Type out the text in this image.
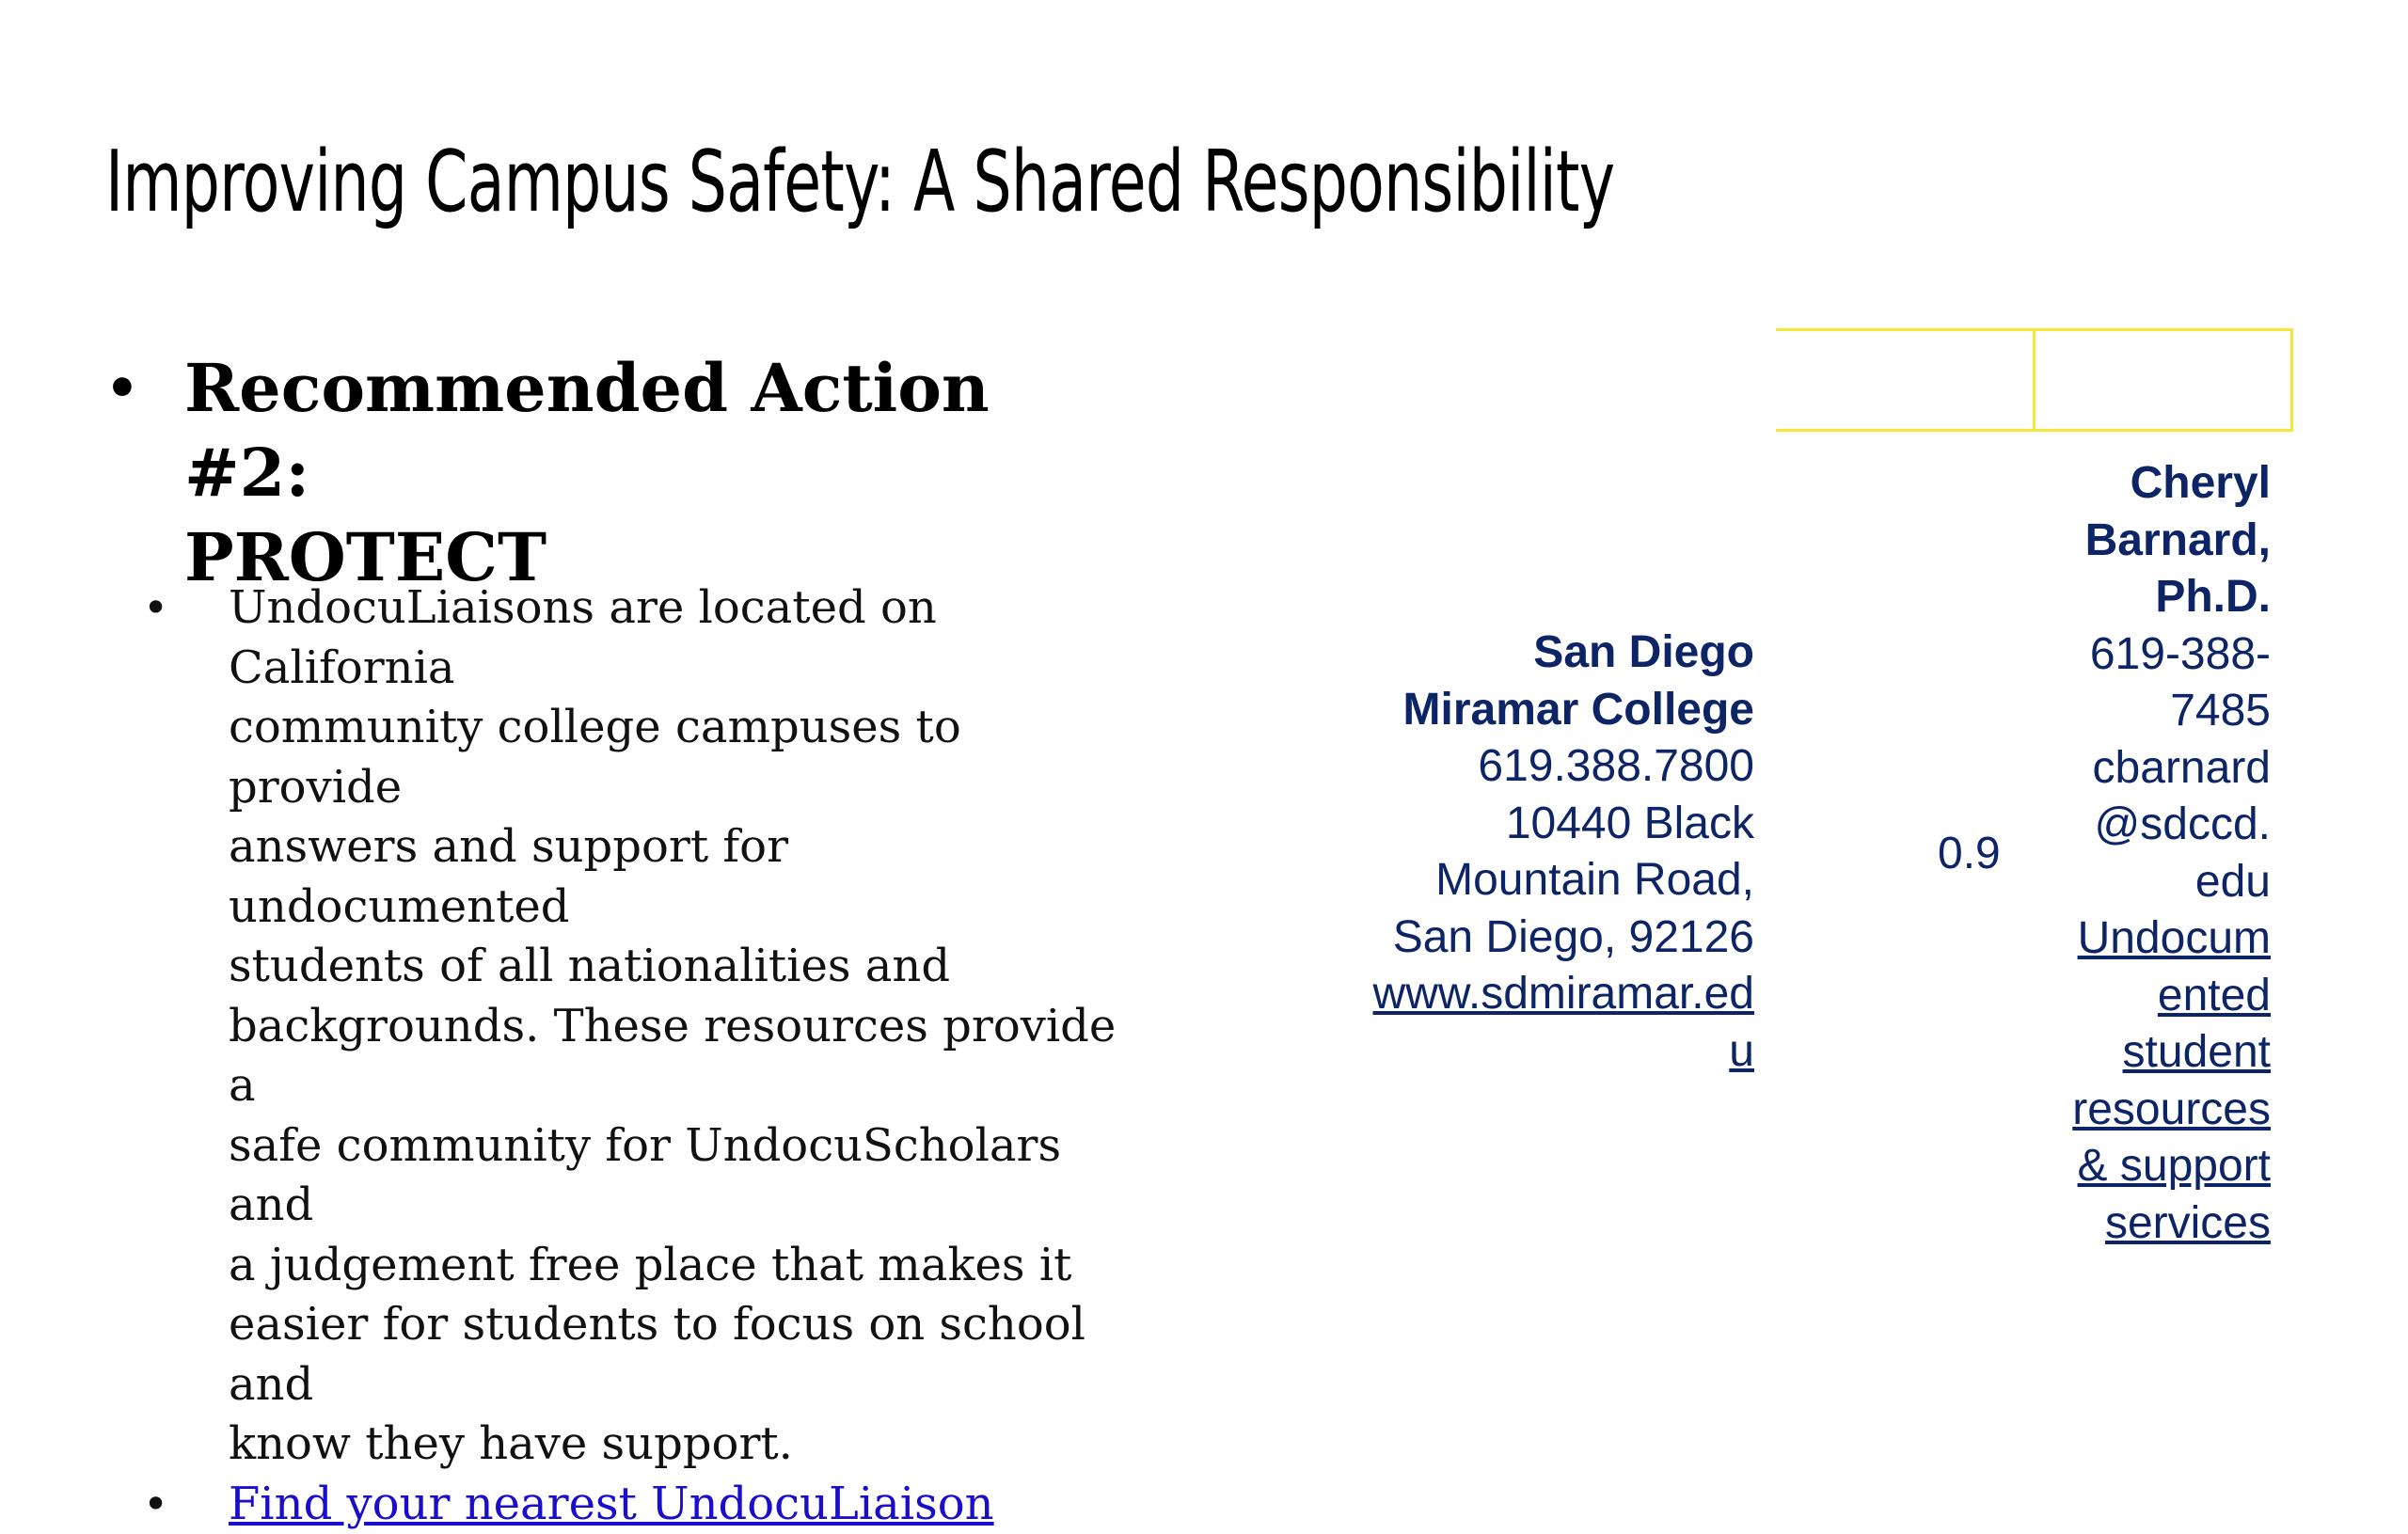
Improving Campus Safety: A Shared Responsibility
• Recommended Action #2:
PROTECT
• UndocuLiaisons are located on California
community college campuses to provide
answers and support for undocumented
students of all nationalities and
backgrounds. These resources provide a
safe community for UndocuScholars and
a judgement free place that makes it
easier for students to focus on school and
know they have support.
• Find your nearest UndocuLiaison
San Diego
Miramar College
619.388.7800
10440 Black
Mountain Road,
San Diego, 92126
www.sdmiramar.ed
u
0.9
Cheryl
Barnard,
Ph.D.
619-388-
7485
cbarnard
@sdccd.
edu
Undocum
ented
student
resources
& support
services
